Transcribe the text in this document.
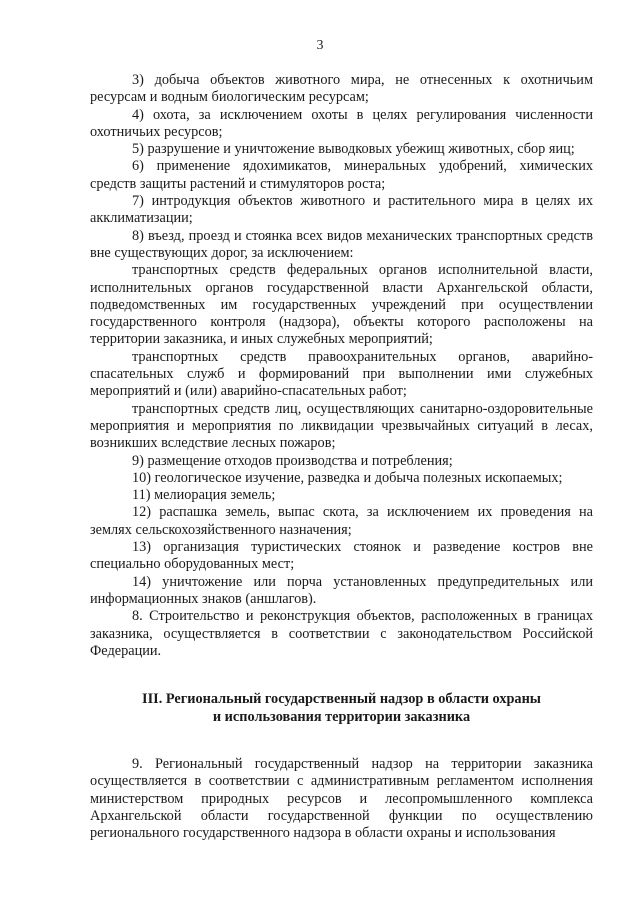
3

3) добыча объектов животного мира, не отнесенных к охотничьим ресурсам и водным биологическим ресурсам;

4) охота, за исключением охоты в целях регулирования численности охотничьих ресурсов;

5) разрушение и уничтожение выводковых убежищ животных, сбор яиц;

6) применение ядохимикатов, минеральных удобрений, химических средств защиты растений и стимуляторов роста;

7) интродукция объектов животного и растительного мира в целях их акклиматизации;

8) въезд, проезд и стоянка всех видов механических транспортных средств вне существующих дорог, за исключением:

транспортных средств федеральных органов исполнительной власти, исполнительных органов государственной власти Архангельской области, подведомственных им государственных учреждений при осуществлении государственного контроля (надзора), объекты которого расположены на территории заказника, и иных служебных мероприятий;

транспортных средств правоохранительных органов, аварийно-спасательных служб и формирований при выполнении ими служебных мероприятий и (или) аварийно-спасательных работ;

транспортных средств лиц, осуществляющих санитарно-оздоровительные мероприятия и мероприятия по ликвидации чрезвычайных ситуаций в лесах, возникших вследствие лесных пожаров;

9) размещение отходов производства и потребления;

10) геологическое изучение, разведка и добыча полезных ископаемых;

11) мелиорация земель;

12) распашка земель, выпас скота, за исключением их проведения на землях сельскохозяйственного назначения;

13) организация туристических стоянок и разведение костров вне специально оборудованных мест;

14) уничтожение или порча установленных предупредительных или информационных знаков (аншлагов).

8. Строительство и реконструкция объектов, расположенных в границах заказника, осуществляется в соответствии с законодательством Российской Федерации.

III. Региональный государственный надзор в области охраны
и использования территории заказника

9. Региональный государственный надзор на территории заказника осуществляется в соответствии с административным регламентом исполнения министерством природных ресурсов и лесопромышленного комплекса Архангельской области государственной функции по осуществлению регионального государственного надзора в области охраны и использования
